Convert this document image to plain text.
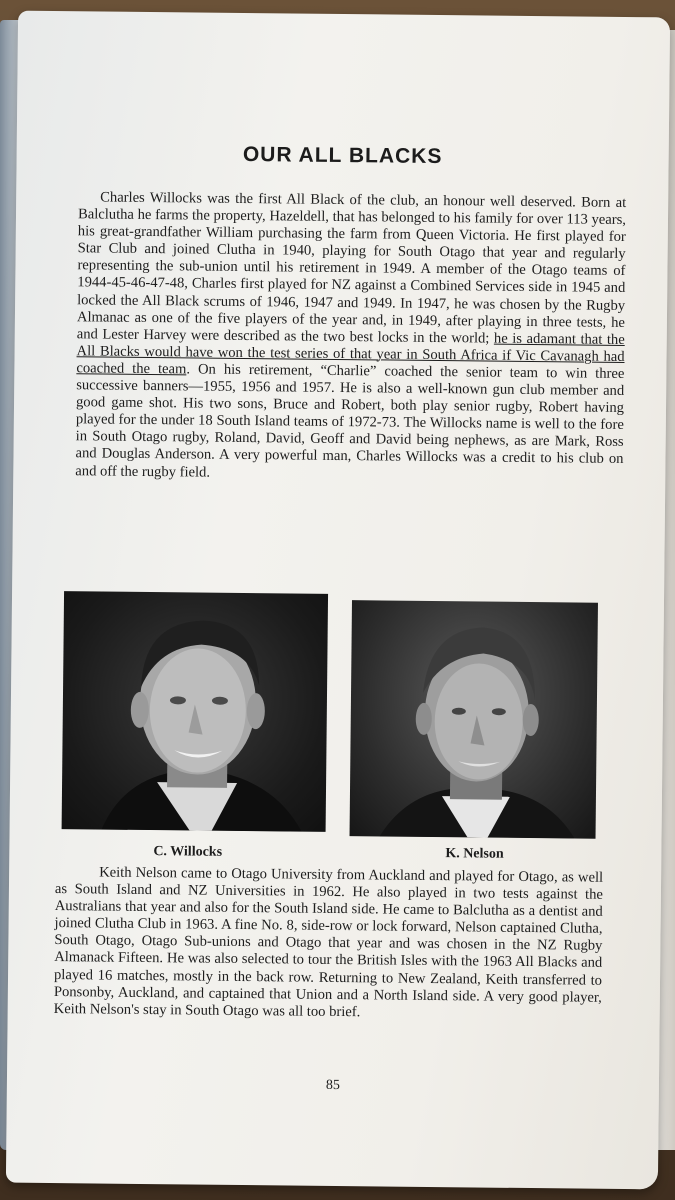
OUR ALL BLACKS
Charles Willocks was the first All Black of the club, an honour well deserved. Born at Balclutha he farms the property, Hazeldell, that has belonged to his family for over 113 years, his great-grandfather William purchasing the farm from Queen Victoria. He first played for Star Club and joined Clutha in 1940, playing for South Otago that year and regularly representing the sub-union until his retirement in 1949. A member of the Otago teams of 1944-45-46-47-48, Charles first played for NZ against a Combined Services side in 1945 and locked the All Black scrums of 1946, 1947 and 1949. In 1947, he was chosen by the Rugby Almanac as one of the five players of the year and, in 1949, after playing in three tests, he and Lester Harvey were described as the two best locks in the world; he is adamant that the All Blacks would have won the test series of that year in South Africa if Vic Cavanagh had coached the team. On his retirement, “Charlie” coached the senior team to win three successive banners—1955, 1956 and 1957. He is also a well-known gun club member and good game shot. His two sons, Bruce and Robert, both play senior rugby, Robert having played for the under 18 South Island teams of 1972-73. The Willocks name is well to the fore in South Otago rugby, Roland, David, Geoff and David being nephews, as are Mark, Ross and Douglas Anderson. A very powerful man, Charles Willocks was a credit to his club on and off the rugby field.
C. Willocks	K. Nelson
Keith Nelson came to Otago University from Auckland and played for Otago, as well as South Island and NZ Universities in 1962. He also played in two tests against the Australians that year and also for the South Island side. He came to Balclutha as a dentist and joined Clutha Club in 1963. A fine No. 8, side-row or lock forward, Nelson captained Clutha, South Otago, Otago Sub-unions and Otago that year and was chosen in the NZ Rugby Almanack Fifteen. He was also selected to tour the British Isles with the 1963 All Blacks and played 16 matches, mostly in the back row. Returning to New Zealand, Keith transferred to Ponsonby, Auckland, and captained that Union and a North Island side. A very good player, Keith Nelson's stay in South Otago was all too brief.
85
